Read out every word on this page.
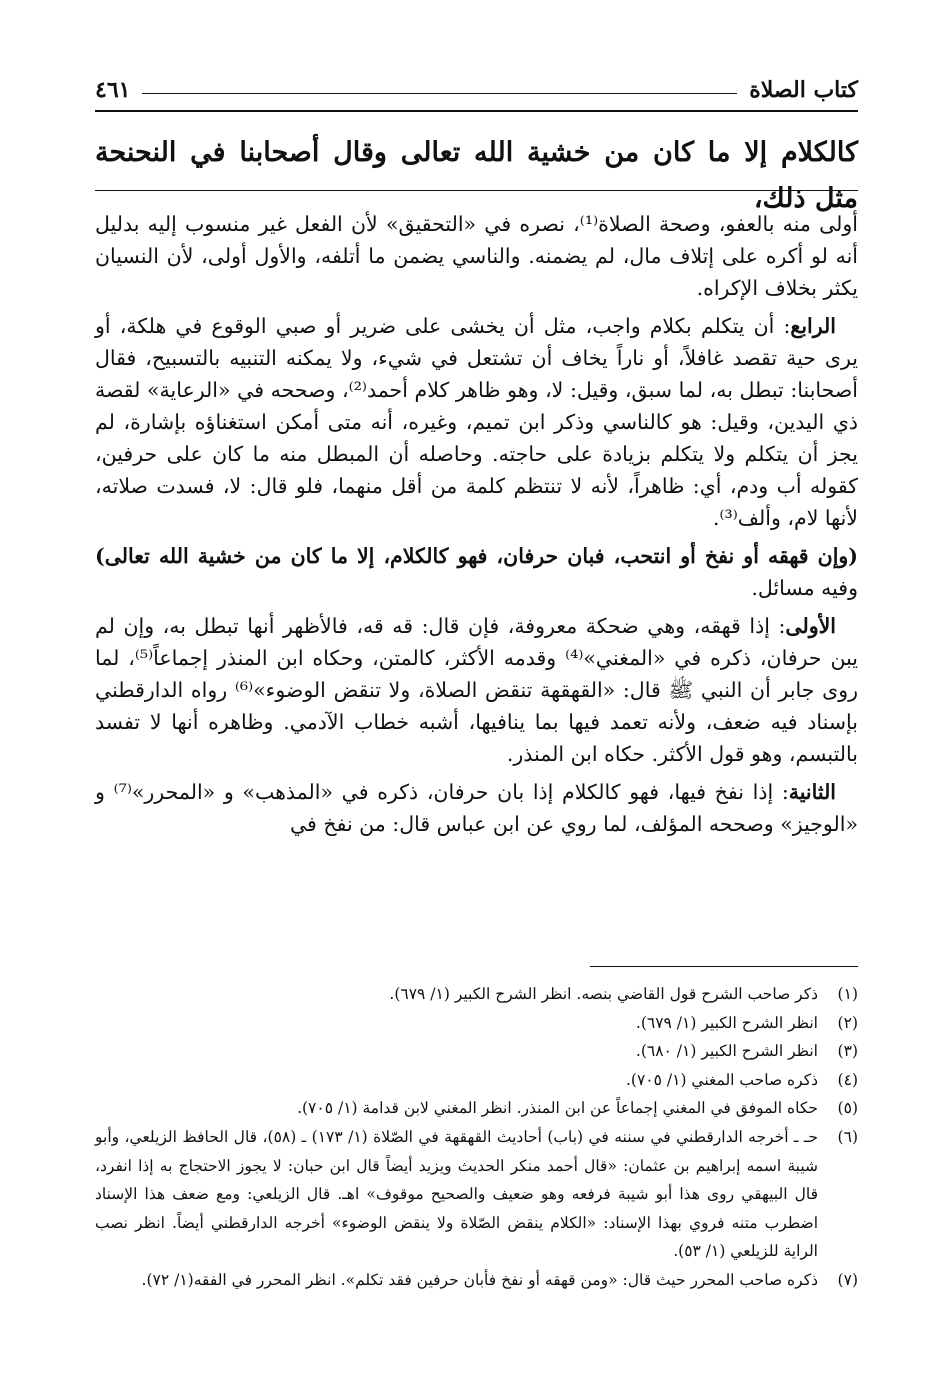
كتاب الصلاة
٤٦١
كالكلام إلا ما كان من خشية الله تعالى وقال أصحابنا في النحنحة مثل ذلك،

أولى منه بالعفو، وصحة الصلاة⁽¹⁾، نصره في «التحقيق» لأن الفعل غير منسوب إليه بدليل أنه لو أكره على إتلاف مال، لم يضمنه. والناسي يضمن ما أتلفه، والأول أولى، لأن النسيان يكثر بخلاف الإكراه.

الرابع: أن يتكلم بكلام واجب، مثل أن يخشى على ضرير أو صبي الوقوع في هلكة، أو يرى حية تقصد غافلاً، أو ناراً يخاف أن تشتعل في شيء، ولا يمكنه التنبيه بالتسبيح، فقال أصحابنا: تبطل به، لما سبق، وقيل: لا، وهو ظاهر كلام أحمد⁽²⁾، وصححه في «الرعاية» لقصة ذي اليدين، وقيل: هو كالناسي وذكر ابن تميم، وغيره، أنه متى أمكن استغناؤه بإشارة، لم يجز أن يتكلم ولا يتكلم بزيادة على حاجته. وحاصله أن المبطل منه ما كان على حرفين، كقوله أب ودم، أي: ظاهراً، لأنه لا تنتظم كلمة من أقل منهما، فلو قال: لا، فسدت صلاته، لأنها لام، وألف⁽³⁾.

(وإن قهقه أو نفخ أو انتحب، فبان حرفان، فهو كالكلام، إلا ما كان من خشية الله تعالى) وفيه مسائل.

الأولى: إذا قهقه، وهي ضحكة معروفة، فإن قال: قه قه، فالأظهر أنها تبطل به، وإن لم يبن حرفان، ذكره في «المغني»⁽⁴⁾ وقدمه الأكثر، كالمتن، وحكاه ابن المنذر إجماعاً⁽⁵⁾، لما روى جابر أن النبي ﷺ قال: «القهقهة تنقض الصلاة، ولا تنقض الوضوء»⁽⁶⁾ رواه الدارقطني بإسناد فيه ضعف، ولأنه تعمد فيها بما ينافيها، أشبه خطاب الآدمي. وظاهره أنها لا تفسد بالتبسم، وهو قول الأكثر. حكاه ابن المنذر.

الثانية: إذا نفخ فيها، فهو كالكلام إذا بان حرفان، ذكره في «المذهب» و «المحرر»⁽⁷⁾ و «الوجيز» وصححه المؤلف، لما روي عن ابن عباس قال: من نفخ في

(١)
ذكر صاحب الشرح قول القاضي بنصه. انظر الشرح الكبير (١/ ٦٧٩).
(٢)
انظر الشرح الكبير (١/ ٦٧٩).
(٣)
انظر الشرح الكبير (١/ ٦٨٠).
(٤)
ذكره صاحب المغني (١/ ٧٠٥).
(٥)
حكاه الموفق في المغني إجماعاً عن ابن المنذر. انظر المغني لابن قدامة (١/ ٧٠٥).
(٦)
حـ ـ أخرجه الدارقطني في سننه في (باب) أحاديث القهقهة في الصّلاة (١/ ١٧٣) ـ (٥٨)، قال الحافظ الزيلعي، وأبو شيبة اسمه إبراهيم بن عثمان: «قال أحمد منكر الحديث ويزيد أيضاً قال ابن حبان: لا يجوز الاحتجاج به إذا انفرد، قال البيهقي روى هذا أبو شيبة فرفعه وهو ضعيف والصحيح موقوف» اهـ. قال الزيلعي: ومع ضعف هذا الإسناد اضطرب متنه فروي بهذا الإسناد: «الكلام ينقض الصّلاة ولا ينقض الوضوء» أخرجه الدارقطني أيضاً. انظر نصب الراية للزيلعي (١/ ٥٣).
(٧)
ذكره صاحب المحرر حيث قال: «ومن قهقه أو نفخ فأبان حرفين فقد تكلم». انظر المحرر في الفقه(١/ ٧٢).
